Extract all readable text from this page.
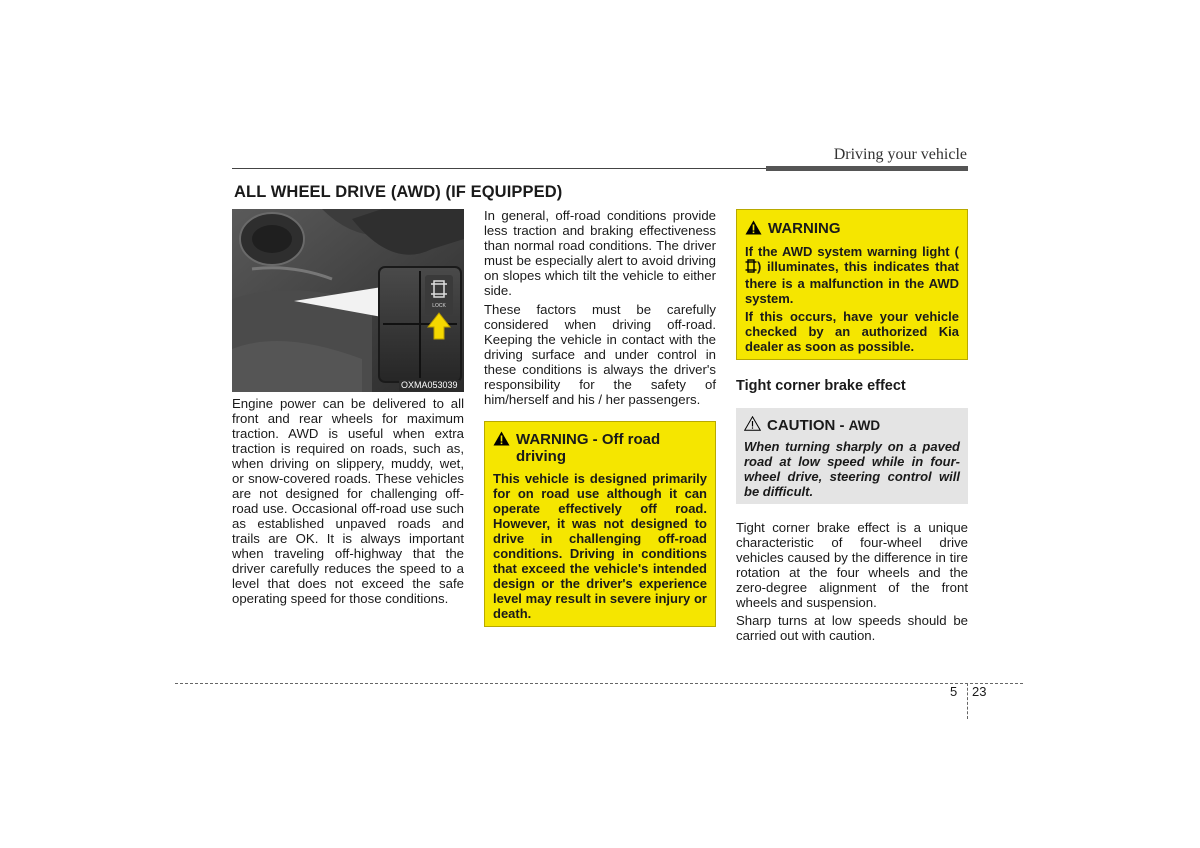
Driving your vehicle
ALL WHEEL DRIVE (AWD) (IF EQUIPPED)
LOCK
OXMA053039
Engine power can be delivered to all front and rear wheels for maximum traction. AWD is useful when extra traction is required on roads, such as, when driving on slippery, muddy, wet, or snow-covered roads. These vehicles are not designed for challenging off-road use. Occasional off-road use such as established unpaved roads and trails are OK. It is always important when traveling off-highway that the driver carefully reduces the speed to a level that does not exceed the safe operating speed for those conditions.
In general, off-road conditions provide less traction and braking effectiveness than normal road conditions. The driver must be especially alert to avoid driving on slopes which tilt the vehicle to either side.
These factors must be carefully considered when driving off-road. Keeping the vehicle in contact with the driving surface and under control in these conditions is always the driver's responsibility for the safety of him/herself and his / her passengers.
WARNING - Off road driving
This vehicle is designed primarily for on road use although it can operate effectively off road. However, it was not designed to drive in challenging off-road conditions. Driving in conditions that exceed the vehicle's intended design or the driver's experience level may result in severe injury or death.
WARNING
If the AWD system warning light () illuminates, this indicates that there is a malfunction in the AWD system.
If this occurs, have your vehicle checked by an authorized Kia dealer as soon as possible.
Tight corner brake effect
CAUTION -
AWD
When turning sharply on a paved road at low speed while in four-wheel drive, steering control will be difficult.
Tight corner brake effect is a unique characteristic of four-wheel drive vehicles caused by the difference in tire rotation at the four wheels and the zero-degree alignment of the front wheels and suspension.
Sharp turns at low speeds should be carried out with caution.
5 23
